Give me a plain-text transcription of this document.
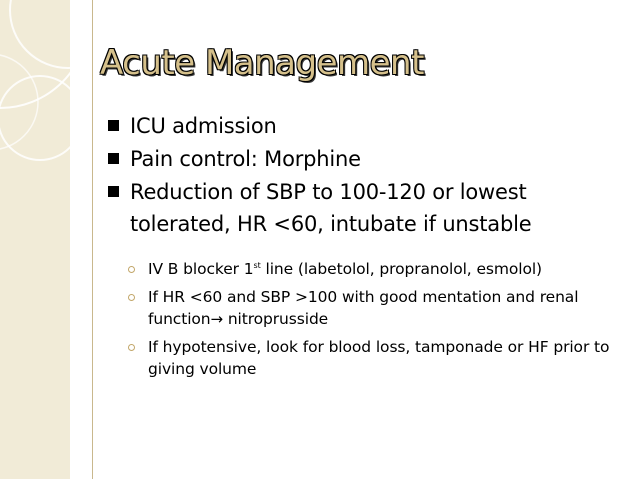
Acute Management
ICU admission
Pain control: Morphine
Reduction of SBP to 100-120 or lowest tolerated, HR <60, intubate if unstable
IV B blocker 1st line (labetolol, propranolol, esmolol)
If HR <60 and SBP >100 with good mentation and renal function→ nitroprusside
If hypotensive, look for blood loss, tamponade or HF prior to giving volume
